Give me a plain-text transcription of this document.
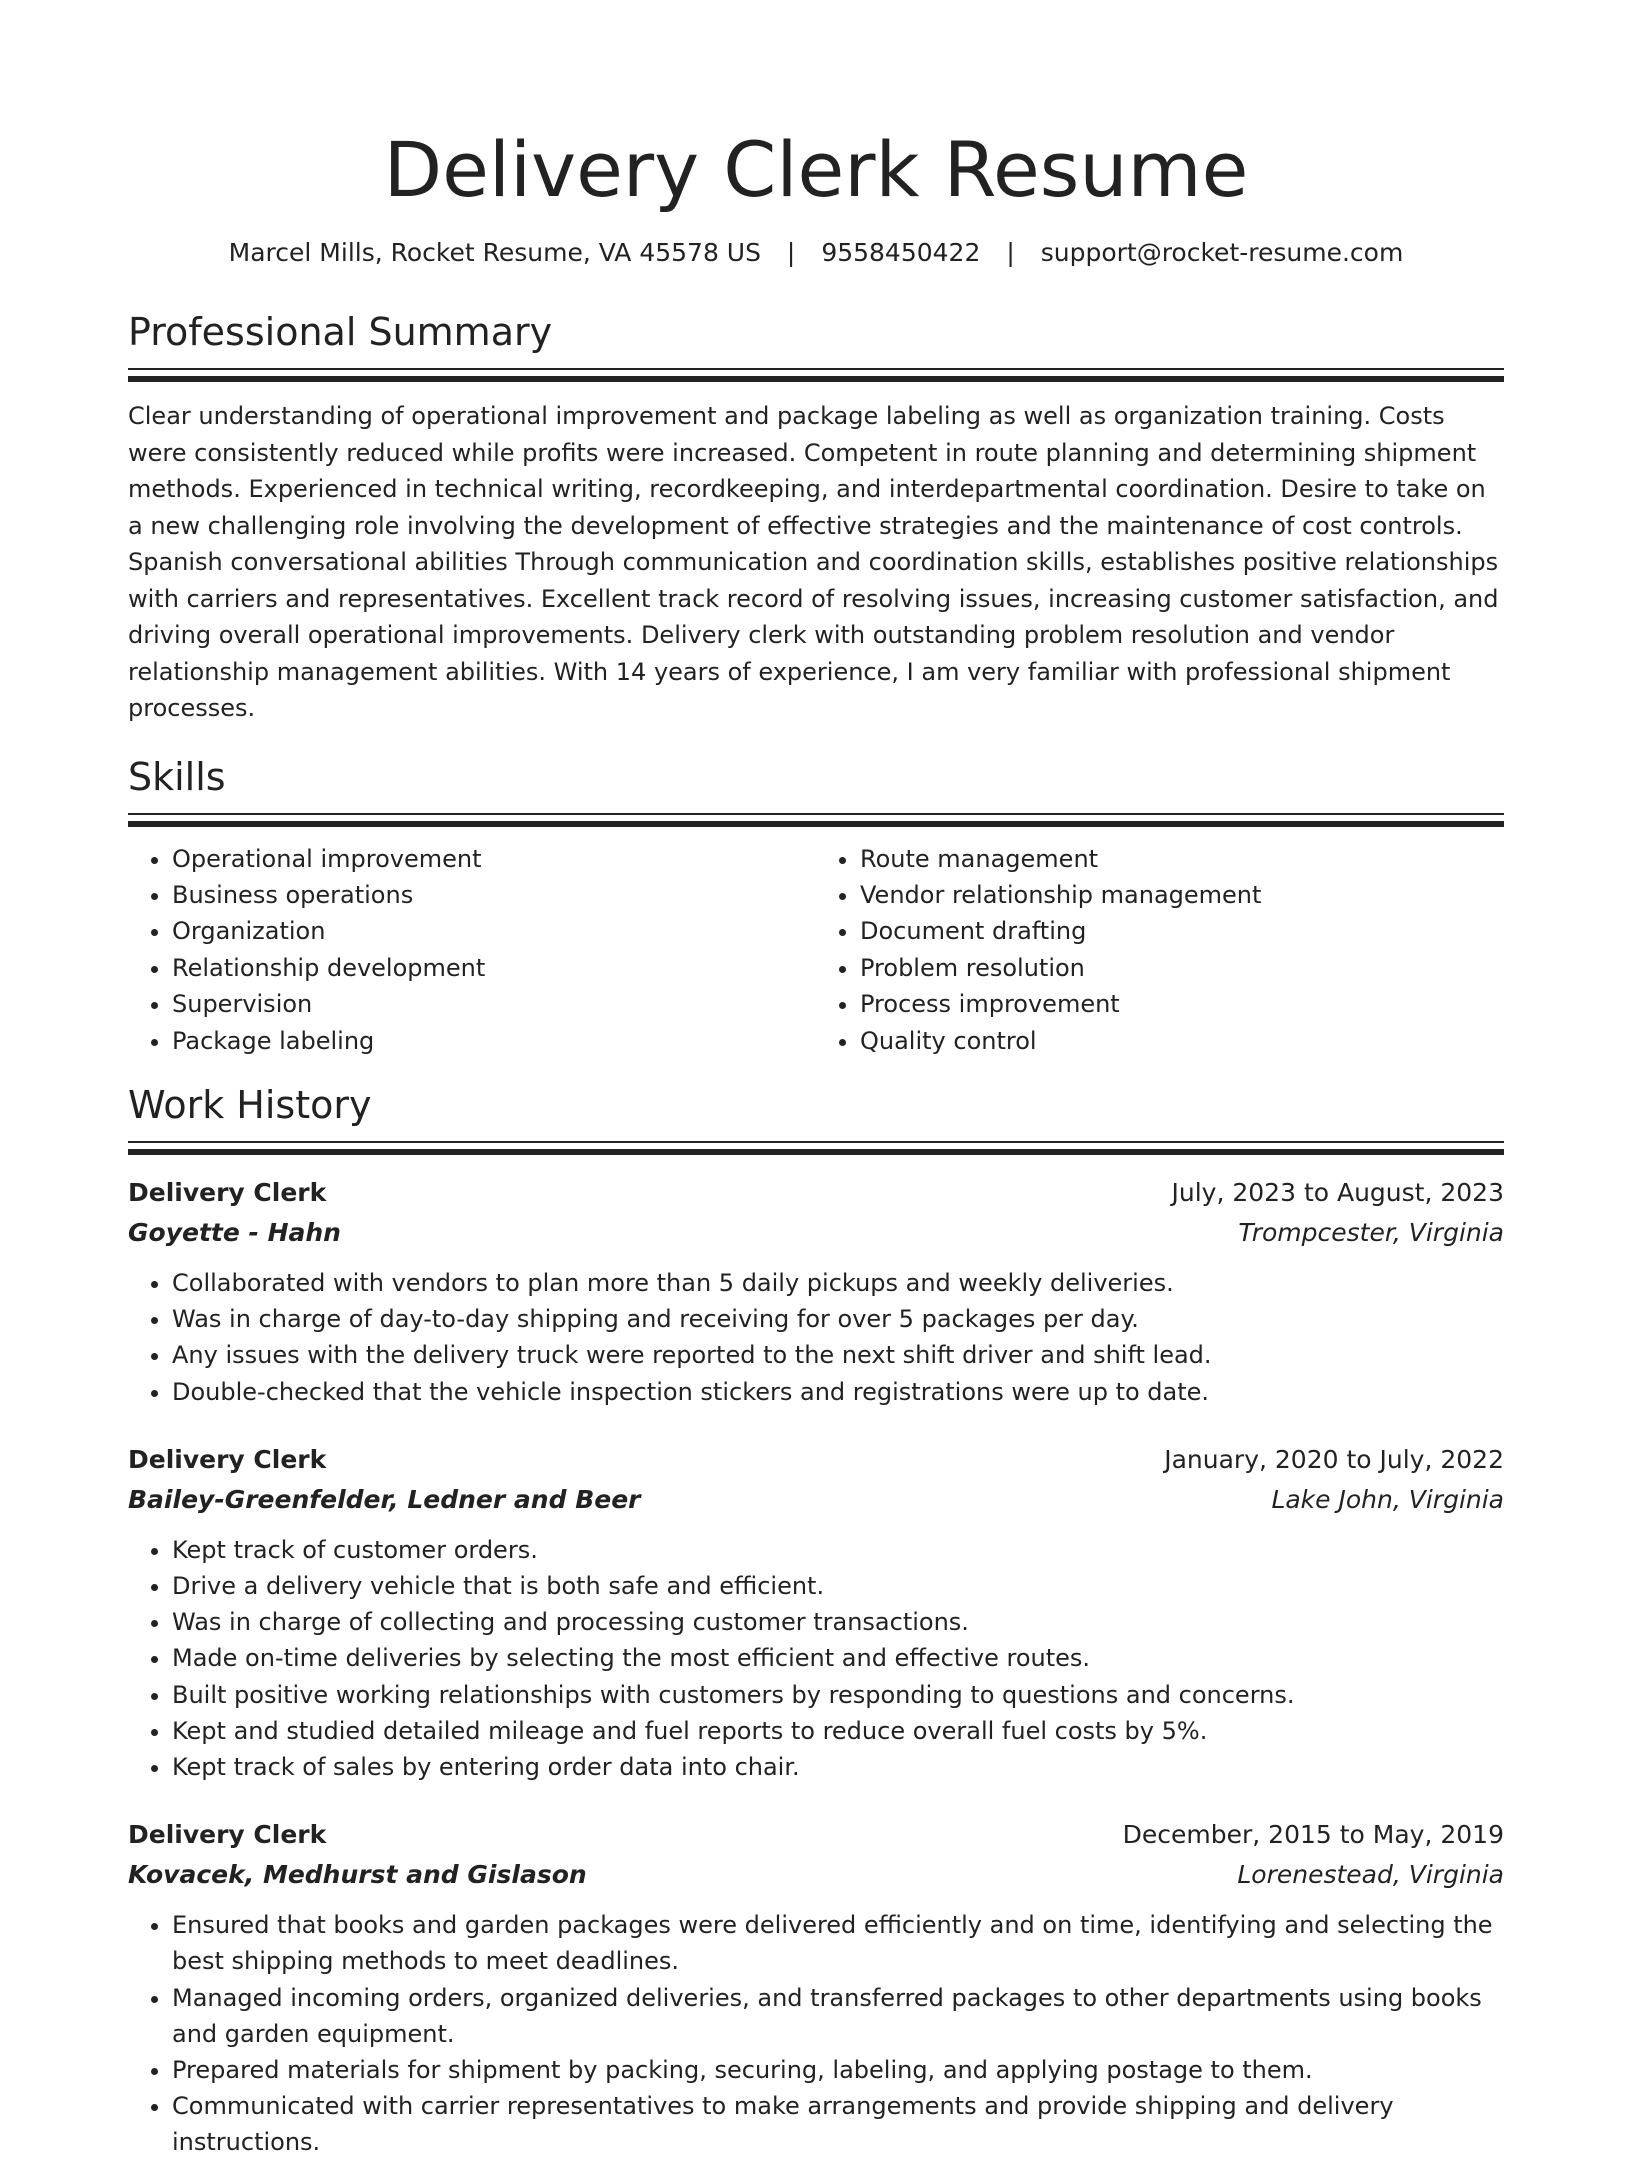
Delivery Clerk Resume
Marcel Mills, Rocket Resume, VA 45578 US | 9558450422 | support@rocket-resume.com
Professional Summary

Clear understanding of operational improvement and package labeling as well as organization training. Costs were consistently reduced while profits were increased. Competent in route planning and determining shipment methods. Experienced in technical writing, recordkeeping, and interdepartmental coordination. Desire to take on a new challenging role involving the development of effective strategies and the maintenance of cost controls. Spanish conversational abilities Through communication and coordination skills, establishes positive relationships with carriers and representatives. Excellent track record of resolving issues, increasing customer satisfaction, and driving overall operational improvements. Delivery clerk with outstanding problem resolution and vendor relationship management abilities. With 14 years of experience, I am very familiar with professional shipment processes.

Skills
• Operational improvement
• Business operations
• Organization
• Relationship development
• Supervision
• Package labeling
• Route management
• Vendor relationship management
• Document drafting
• Problem resolution
• Process improvement
• Quality control
Work History
Delivery Clerk	July, 2023 to August, 2023
Goyette - Hahn	Trompcester, Virginia
• Collaborated with vendors to plan more than 5 daily pickups and weekly deliveries.
• Was in charge of day-to-day shipping and receiving for over 5 packages per day.
• Any issues with the delivery truck were reported to the next shift driver and shift lead.
• Double-checked that the vehicle inspection stickers and registrations were up to date.
Delivery Clerk	January, 2020 to July, 2022
Bailey-Greenfelder, Ledner and Beer	Lake John, Virginia
• Kept track of customer orders.
• Drive a delivery vehicle that is both safe and efficient.
• Was in charge of collecting and processing customer transactions.
• Made on-time deliveries by selecting the most efficient and effective routes.
• Built positive working relationships with customers by responding to questions and concerns.
• Kept and studied detailed mileage and fuel reports to reduce overall fuel costs by 5%.
• Kept track of sales by entering order data into chair.
Delivery Clerk	December, 2015 to May, 2019
Kovacek, Medhurst and Gislason	Lorenestead, Virginia
• Ensured that books and garden packages were delivered efficiently and on time, identifying and selecting the best shipping methods to meet deadlines.
• Managed incoming orders, organized deliveries, and transferred packages to other departments using books and garden equipment.
• Prepared materials for shipment by packing, securing, labeling, and applying postage to them.
• Communicated with carrier representatives to make arrangements and provide shipping and delivery instructions.
